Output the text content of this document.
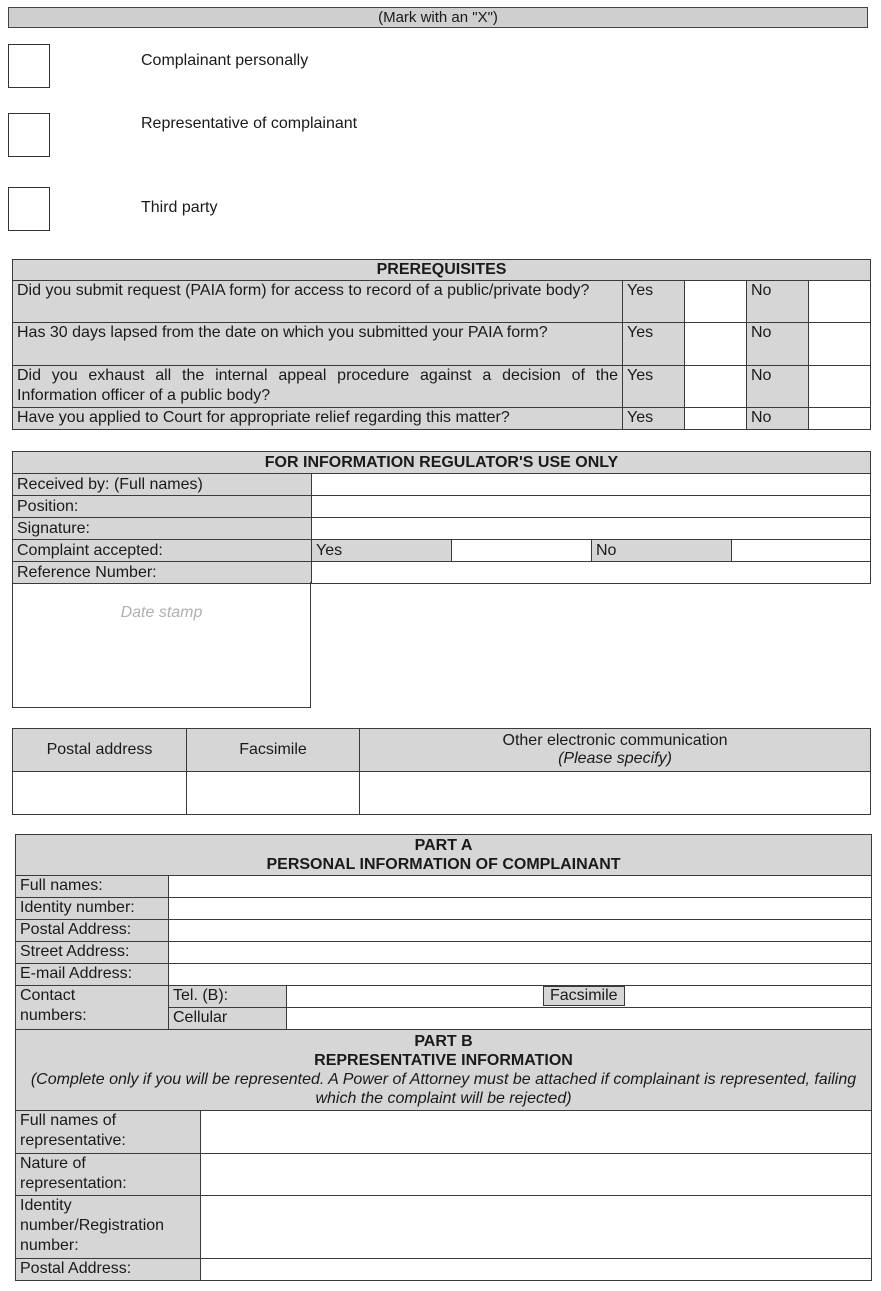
(Mark with an "X")
Complainant personally
Representative of complainant
Third party
PREREQUISITES				
Did you submit request (PAIA form) for access to record of a public/private body?	Yes		No	
Has 30 days lapsed from the date on which you submitted your PAIA form?	Yes		No	
Did you exhaust all the internal appeal procedure against a decision of the Information officer of a public body?	Yes		No	
Have you applied to Court for appropriate relief regarding this matter?	Yes		No	
FOR INFORMATION REGULATOR'S USE ONLY				
Received by: (Full names)				
Position:				
Signature:				
Complaint accepted:	Yes		No	
Reference Number:				
Date stamp
Postal address	Facsimile	Other electronic communication
(Please specify)

PART A
PERSONAL INFORMATION OF COMPLAINANT			

Full names:			
Identity number:			
Postal Address:			
Street Address:			
E-mail Address:			

Contact
numbers:	Tel. (B):		Facsimile
	Cellular		

PART B
REPRESENTATIVE INFORMATION
(Complete only if you will be represented. A Power of Attorney must be attached if complainant is represented, failing which the complaint will be rejected)			

Full names of representative:			
Nature of representation:			
Identity number/Registration number:			
Postal Address:			
